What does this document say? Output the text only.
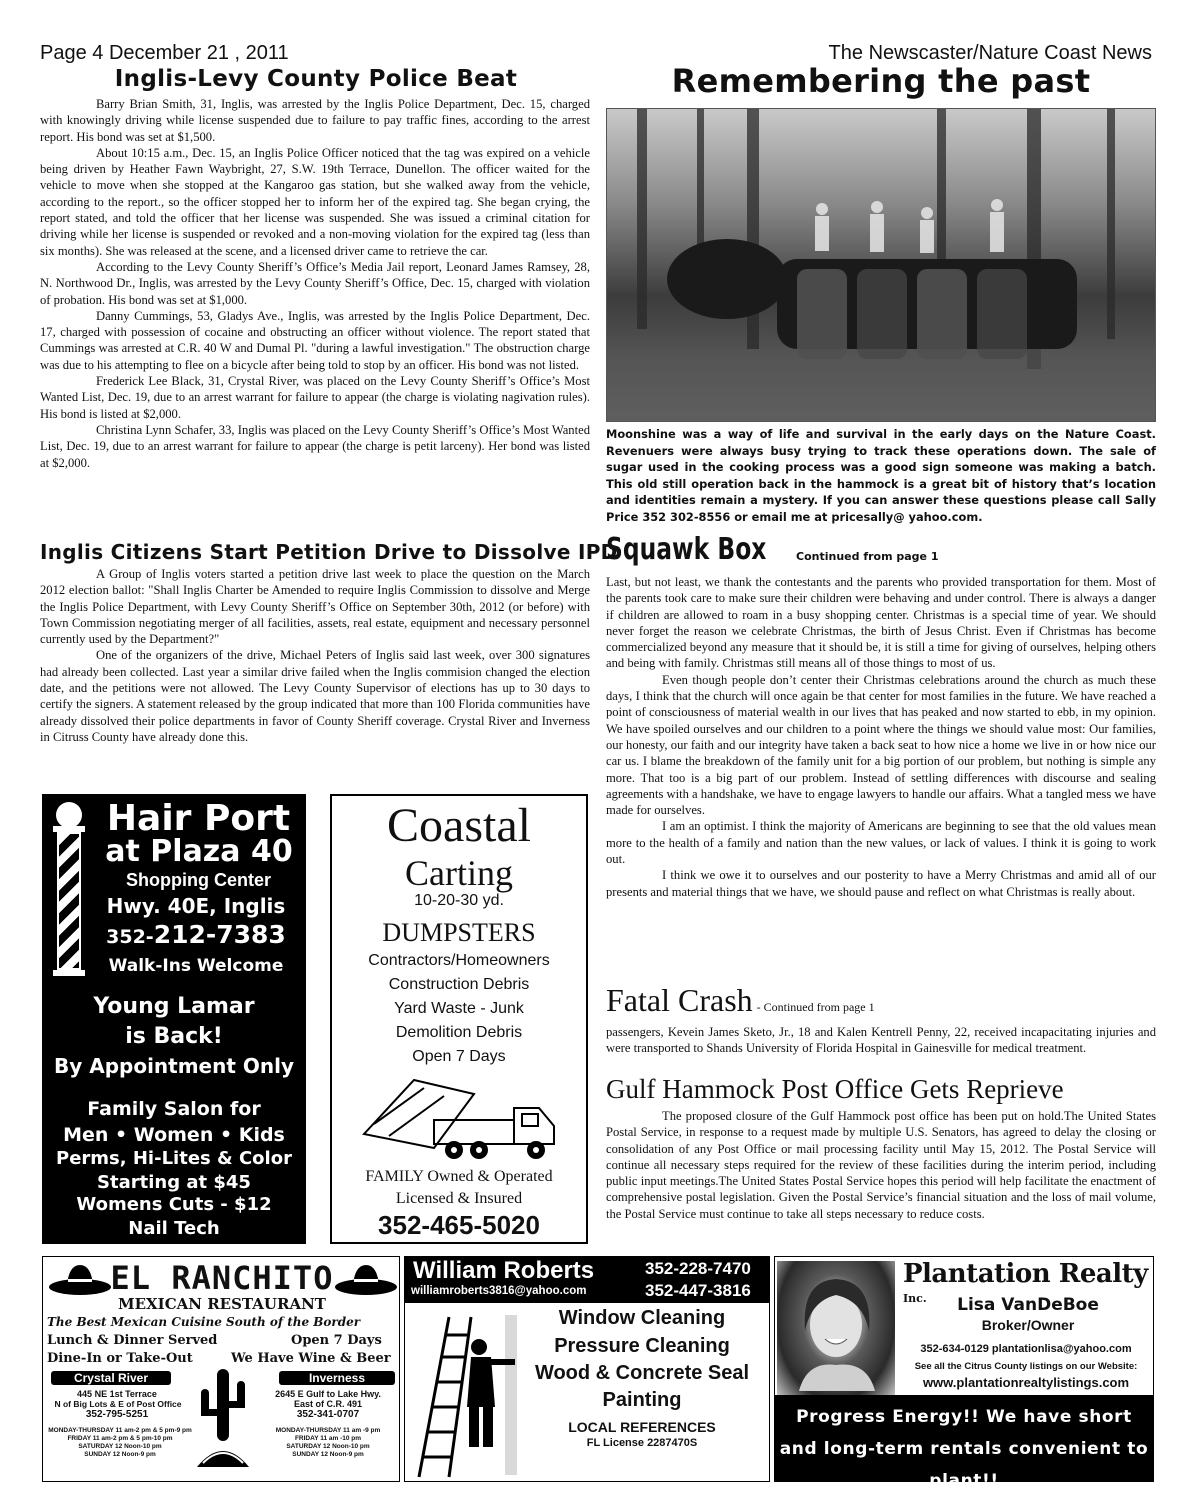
Page 4 December 21 , 2011	The Newscaster/Nature Coast News
Inglis-Levy County Police Beat

Barry Brian Smith, 31, Inglis, was arrested by the Inglis Police Department, Dec. 15, charged with knowingly driving while license suspended due to failure to pay traffic fines, according to the arrest report. His bond was set at $1,500.

About 10:15 a.m., Dec. 15, an Inglis Police Officer noticed that the tag was expired on a vehicle being driven by Heather Fawn Waybright, 27, S.W. 19th Terrace, Dunellon. The officer waited for the vehicle to move when she stopped at the Kangaroo gas station, but she walked away from the vehicle, according to the report., so the officer stopped her to inform her of the expired tag. She began crying, the report stated, and told the officer that her license was suspended. She was issued a criminal citation for driving while her license is suspended or revoked and a non-moving violation for the expired tag (less than six months). She was released at the scene, and a licensed driver came to retrieve the car.

According to the Levy County Sheriff’s Office’s Media Jail report, Leonard James Ramsey, 28, N. Northwood Dr., Inglis, was arrested by the Levy County Sheriff’s Office, Dec. 15, charged with violation of probation. His bond was set at $1,000.

Danny Cummings, 53, Gladys Ave., Inglis, was arrested by the Inglis Police Department, Dec. 17, charged with possession of cocaine and obstructing an officer without violence. The report stated that Cummings was arrested at C.R. 40 W and Dumal Pl. "during a lawful investigation." The obstruction charge was due to his attempting to flee on a bicycle after being told to stop by an officer. His bond was not listed.

Frederick Lee Black, 31, Crystal River, was placed on the Levy County Sheriff’s Office’s Most Wanted List, Dec. 19, due to an arrest warrant for failure to appear (the charge is violating nagivation rules). His bond is listed at $2,000.

Christina Lynn Schafer, 33, Inglis was placed on the Levy County Sheriff’s Office’s Most Wanted List, Dec. 19, due to an arrest warrant for failure to appear (the charge is petit larceny). Her bond was listed at $2,000.

Inglis Citizens Start Petition Drive to Dissolve IPD

A Group of Inglis voters started a petition drive last week to place the question on the March 2012 election ballot: "Shall Inglis Charter be Amended to require Inglis Commission to dissolve and Merge the Inglis Police Department, with Levy County Sheriff’s Office on September 30th, 2012 (or before) with Town Commission negotiating merger of all facilities, assets, real estate, equipment and necessary personnel currently used by the Department?"

One of the organizers of the drive, Michael Peters of Inglis said last week, over 300 signatures had already been collected. Last year a similar drive failed when the Inglis commision changed the election date, and the petitions were not allowed. The Levy County Supervisor of elections has up to 30 days to certify the signers. A statement released by the group indicated that more than 100 Florida communities have already dissolved their police departments in favor of County Sheriff coverage. Crystal River and Inverness in Citruss County have already done this.

Remembering the past
Moonshine was a way of life and survival in the early days on the Nature Coast. Revenuers were always busy trying to track these operations down. The sale of sugar used in the cooking process was a good sign someone was making a batch. This old still operation back in the hammock is a great bit of history that’s location and identities remain a mystery. If you can answer these questions please call Sally Price 352 302-8556 or email me at pricesally@ yahoo.com.
Squawk Box	Continued from page 1
Last, but not least, we thank the contestants and the parents who provided transportation for them. Most of the parents took care to make sure their children were behaving and under control. There is always a danger if children are allowed to roam in a busy shopping center. Christmas is a special time of year. We should never forget the reason we celebrate Christmas, the birth of Jesus Christ. Even if Christmas has become commercialized beyond any measure that it should be, it is still a time for giving of ourselves, helping others and being with family. Christmas still means all of those things to most of us.

Even though people don’t center their Christmas celebrations around the church as much these days, I think that the church will once again be that center for most families in the future. We have reached a point of consciousness of material wealth in our lives that has peaked and now started to ebb, in my opinion. We have spoiled ourselves and our children to a point where the things we should value most: Our families, our honesty, our faith and our integrity have taken a back seat to how nice a home we live in or how nice our car us. I blame the breakdown of the family unit for a big portion of our problem, but nothing is simple any more. That too is a big part of our problem. Instead of settling differences with discourse and sealing agreements with a handshake, we have to engage lawyers to handle our affairs. What a tangled mess we have made for ourselves.

I am an optimist. I think the majority of Americans are beginning to see that the old values mean more to the health of a family and nation than the new values, or lack of values. I think it is going to work out.

I think we owe it to ourselves and our posterity to have a Merry Christmas and amid all of our presents and material things that we have, we should pause and reflect on what Christmas is really about.

Fatal Crash - Continued from page 1
passengers, Kevein James Sketo, Jr., 18 and Kalen Kentrell Penny, 22, received incapacitating injuries and were transported to Shands University of Florida Hospital in Gainesville for medical treatment.
Gulf Hammock Post Office Gets Reprieve

The proposed closure of the Gulf Hammock post office has been put on hold.The United States Postal Service, in response to a request made by multiple U.S. Senators, has agreed to delay the closing or consolidation of any Post Office or mail processing facility until May 15, 2012. The Postal Service will continue all necessary steps required for the review of these facilities during the interim period, including public input meetings.The United States Postal Service hopes this period will help facilitate the enactment of comprehensive postal legislation. Given the Postal Service’s financial situation and the loss of mail volume, the Postal Service must continue to take all steps necessary to reduce costs.

Hair Port
at Plaza 40
Shopping Center
Hwy. 40E, Inglis
352-212-7383
Walk-Ins Welcome
Young Lamar
is Back!
By Appointment Only
Family Salon for
Men • Women • Kids
Perms, Hi-Lites & Color
Starting at $45
Womens Cuts - $12
Nail Tech
Coastal
Carting
10-20-30 yd.
DUMPSTERS
Contractors/Homeowners
Construction Debris
Yard Waste - Junk
Demolition Debris
Open 7 Days
FAMILY Owned & Operated
Licensed & Insured
352-465-5020
EL RANCHITO
MEXICAN RESTAURANT
The Best Mexican Cuisine South of the Border
Lunch & Dinner Served	Open 7 Days
Dine-In or Take-Out	We Have Wine & Beer
Crystal River	Inverness
445 NE 1st Terrace
N of Big Lots & E of Post Office
352-795-5251
2645 E Gulf to Lake Hwy.
East of C.R. 491
352-341-0707
MONDAY-THURSDAY 11 am-2 pm & 5 pm-9 pm
FRIDAY 11 am-2 pm & 5 pm-10 pm
SATURDAY 12 Noon-10 pm
SUNDAY 12 Noon-9 pm
MONDAY-THURSDAY 11 am -9 pm
FRIDAY 11 am -10 pm
SATURDAY 12 Noon-10 pm
SUNDAY 12 Noon-9 pm
William Roberts
williamroberts3816@yahoo.com
352-228-7470
352-447-3816
Window Cleaning
Pressure Cleaning
Wood & Concrete Seal
Painting
LOCAL REFERENCES
FL License 2287470S
Plantation Realty Inc.	Lisa VanDeBoe
Broker/Owner
352-634-0129 plantationlisa@yahoo.com
See all the Citrus County listings on our Website:
www.plantationrealtylistings.com
Progress Energy!! We have short and long-term rentals convenient to plant!!
